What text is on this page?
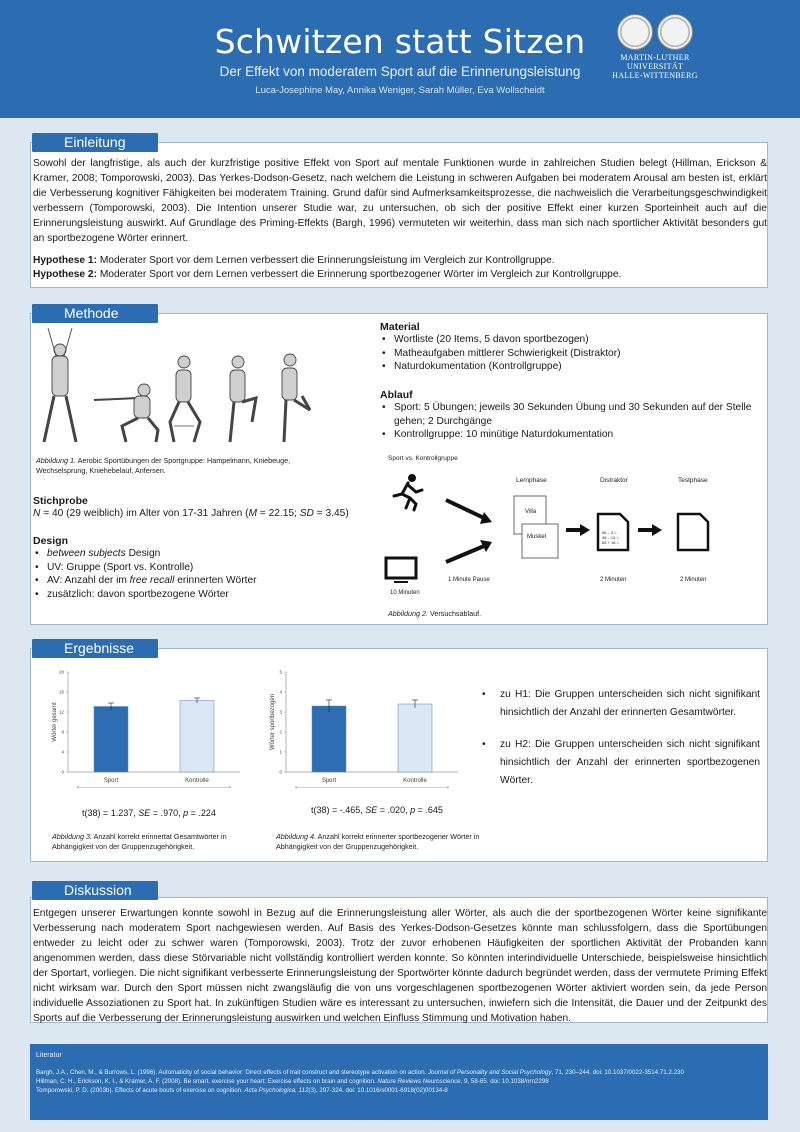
Schwitzen statt Sitzen
Der Effekt von moderatem Sport auf die Erinnerungsleistung
Luca-Josephine May, Annika Weniger, Sarah Müller, Eva Wollscheidt
MARTIN-LUTHER
UNIVERSITÄT
HALLE-WITTENBERG
Einleitung
Sowohl der langfristige, als auch der kurzfristige positive Effekt von Sport auf mentale Funktionen wurde in zahlreichen Studien belegt (Hillman, Erickson & Kramer, 2008; Tomporowski, 2003). Das Yerkes-Dodson-Gesetz, nach welchem die Leistung in schweren Aufgaben bei moderatem Arousal am besten ist, erklärt die Verbesserung kognitiver Fähigkeiten bei moderatem Training. Grund dafür sind Aufmerksamkeitsprozesse, die nachweislich die Verarbeitungsgeschwindigkeit verbessern (Tomporowski, 2003). Die Intention unserer Studie war, zu untersuchen, ob sich der positive Effekt einer kurzen Sporteinheit auch auf die Erinnerungsleistung auswirkt. Auf Grundlage des Priming-Effekts (Bargh, 1996) vermuteten wir weiterhin, dass man sich nach sportlicher Aktivität besonders gut an sportbezogene Wörter erinnert.
Hypothese 1: Moderater Sport vor dem Lernen verbessert die Erinnerungsleistung im Vergleich zur Kontrollgruppe.
Hypothese 2: Moderater Sport vor dem Lernen verbessert die Erinnerung sportbezogener Wörter im Vergleich zur Kontrollgruppe.
Methode
Abbildung 1. Aerobic Sportübungen der Sportgruppe: Hampelmann, Kniebeuge, Wechselsprung, Kniehebelauf, Anfersen.
Stichprobe
N = 40 (29 weiblich) im Alter von 17-31 Jahren (M = 22.15; SD = 3.45)
Design
• between subjects Design
• UV: Gruppe (Sport vs. Kontrolle)
• AV: Anzahl der im free recall erinnerten Wörter
• zusätzlich: davon sportbezogene Wörter
Material
• Wortliste (20 Items, 5 davon sportbezogen)
• Matheaufgaben mittlerer Schwierigkeit (Distraktor)
• Naturdokumentation (Kontrollgruppe)
Ablauf
• Sport: 5 Übungen; jeweils 30 Sekunden Übung und 30 Sekunden auf der Stelle gehen; 2 Durchgänge
• Kontrollgruppe: 10 minütige Naturdokumentation
Sport vs. Kontrollgruppe
Lernphase	Distraktor	Testphase
Villa
Muskel
56 – 3 =
48 – 13 =
65 + 18 =
10 Minuten
1 Minute Pause	2 Minuten	2 Minuten
Abbildung 2. Versuchsablauf.
Ergebnisse
0
4
8
12
16
20
Wörter gesamt
Sport	Kontrolle
0
1
2
3
4
5
Wörter sportbezogen
Sport	Kontrolle
t(38) = 1.237, SE = .970, p = .224	t(38) = -.465, SE = .020, p = .645
Abbildung 3. Anzahl korrekt erinnertat Gesamtwörter in Abhängigkeit von der Gruppenzugehörigkeit.
Abbildung 4. Anzahl korrekt erinnerter sportbezogener Wörter in Abhängigkeit von der Gruppenzugehörigkeit.
• zu H1: Die Gruppen unterscheiden sich nicht signifikant hinsichtlich der Anzahl der erinnerten Gesamtwörter.
• zu H2: Die Gruppen unterscheiden sich nicht signifikant hinsichtlich der Anzahl der erinnerten sportbezogenen Wörter.
Diskussion
Entgegen unserer Erwartungen konnte sowohl in Bezug auf die Erinnerungsleistung aller Wörter, als auch die der sportbezogenen Wörter keine signifikante Verbesserung nach moderatem Sport nachgewiesen werden. Auf Basis des Yerkes-Dodson-Gesetzes könnte man schlussfolgern, dass die Sportübungen entweder zu leicht oder zu schwer waren (Tomporowski, 2003). Trotz der zuvor erhobenen Häufigkeiten der sportlichen Aktivität der Probanden kann angenommen werden, dass diese Störvariable nicht vollständig kontrolliert werden konnte. So könnten interindividuelle Unterschiede, beispielsweise hinsichtlich der Sportart, vorliegen. Die nicht signifikant verbesserte Erinnerungsleistung der Sportwörter könnte dadurch begründet werden, dass der vermutete Priming Effekt nicht wirksam war. Durch den Sport müssen nicht zwangsläufig die von uns vorgeschlagenen sportbezogenen Wörter aktiviert worden sein, da jede Person individuelle Assoziationen zu Sport hat. In zukünftigen Studien wäre es interessant zu untersuchen, inwiefern sich die Intensität, die Dauer und der Zeitpunkt des Sports auf die Verbesserung der Erinnerungsleistung auswirken und welchen Einfluss Stimmung und Motivation haben.
Literatur
Bargh, J.A., Chen, M., & Burrows, L. (1996). Automaticity of social behavior: Direct effects of trait construct and stereotype activation on action. Journal of Personality and Social Psychology, 71, 230–244. doi: 10.1037/0022-3514.71.2.230
Hillman, C. H., Erickson, K. I., & Kramer, A. F. (2008). Be smart, exercise your heart: Exercise effects on brain and cognition. Nature Reviews Neuroscience, 9, 58-65. doi: 10.1038/nrn2298
Tomporowski, P. D. (2003b). Effects of acute bouts of exercise on cognition. Acta Psychologica, 112(3), 297-324. doi: 10.1016/s0001-6918(02)00134-8
